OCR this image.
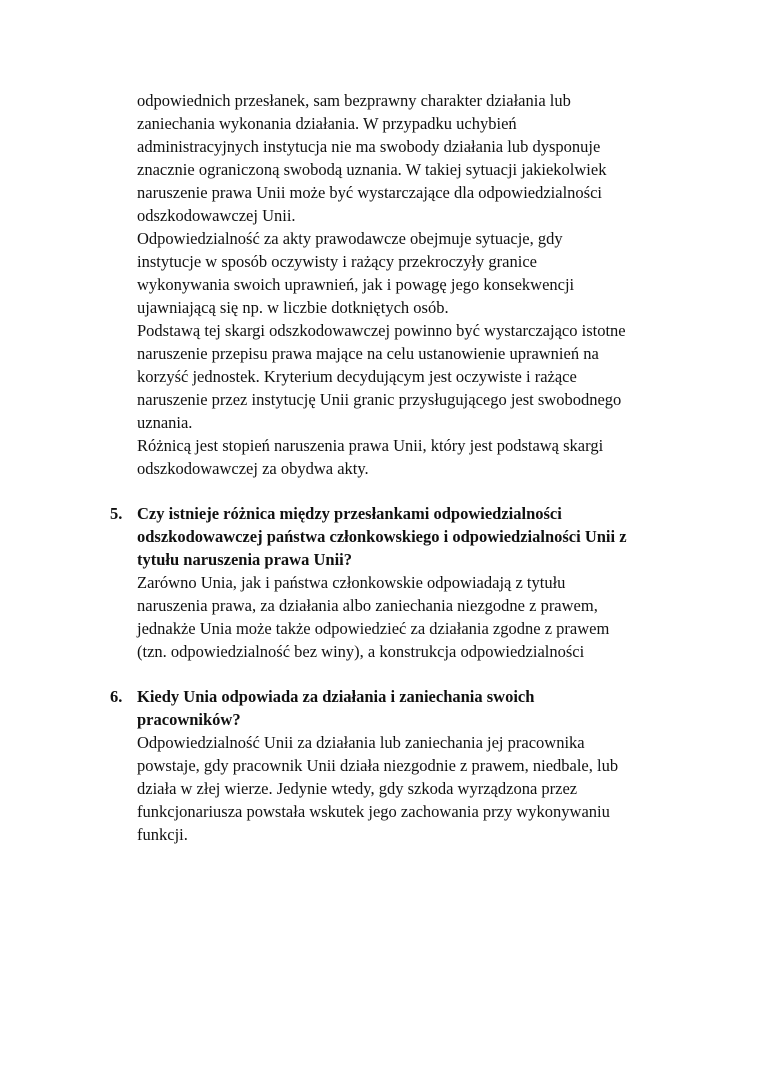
odpowiednich przesłanek, sam bezprawny charakter działania lub
zaniechania wykonania działania. W przypadku uchybień
administracyjnych instytucja nie ma swobody działania lub dysponuje
znacznie ograniczoną swobodą uznania. W takiej sytuacji jakiekolwiek
naruszenie prawa Unii może być wystarczające dla odpowiedzialności
odszkodowawczej Unii.
Odpowiedzialność za akty prawodawcze obejmuje sytuacje, gdy
instytucje w sposób oczywisty i rażący przekroczyły granice
wykonywania swoich uprawnień, jak i powagę jego konsekwencji
ujawniającą się np. w liczbie dotkniętych osób.
Podstawą tej skargi odszkodowawczej powinno być wystarczająco istotne
naruszenie przepisu prawa mające na celu ustanowienie uprawnień na
korzyść jednostek. Kryterium decydującym jest oczywiste i rażące
naruszenie przez instytucję Unii granic przysługującego jest swobodnego
uznania.
Różnicą jest stopień naruszenia prawa Unii, który jest podstawą skargi
odszkodowawczej za obydwa akty.
5. Czy istnieje różnica między przesłankami odpowiedzialności
odszkodowawczej państwa członkowskiego i odpowiedzialności Unii z
tytułu naruszenia prawa Unii?
Zarówno Unia, jak i państwa członkowskie odpowiadają z tytułu
naruszenia prawa, za działania albo zaniechania niezgodne z prawem,
jednakże Unia może także odpowiedzieć za działania zgodne z prawem
(tzn. odpowiedzialność bez winy), a konstrukcja odpowiedzialności
6. Kiedy Unia odpowiada za działania i zaniechania swoich
pracowników?
Odpowiedzialność Unii za działania lub zaniechania jej pracownika
powstaje, gdy pracownik Unii działa niezgodnie z prawem, niedbale, lub
działa w złej wierze. Jedynie wtedy, gdy szkoda wyrządzona przez
funkcjonariusza powstała wskutek jego zachowania przy wykonywaniu
funkcji.
